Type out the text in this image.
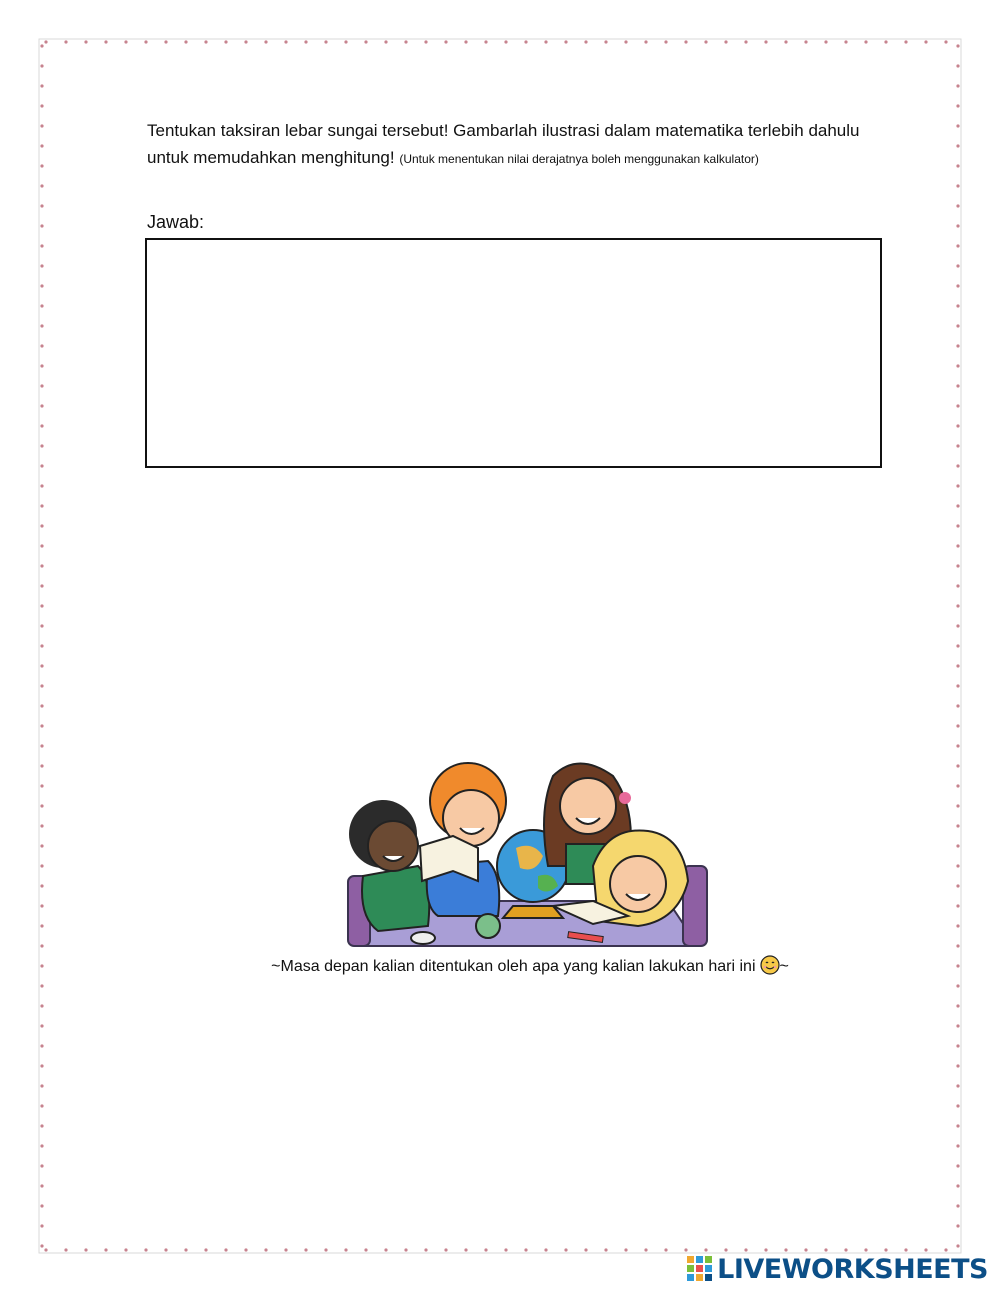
Tentukan taksiran lebar sungai tersebut! Gambarlah ilustrasi dalam matematika terlebih dahulu untuk memudahkan menghitung! (Untuk menentukan nilai derajatnya boleh menggunakan kalkulator)
Jawab:
~Masa depan kalian ditentukan oleh apa yang kalian lakukan hari ini ~
LIVEWORKSHEETS
